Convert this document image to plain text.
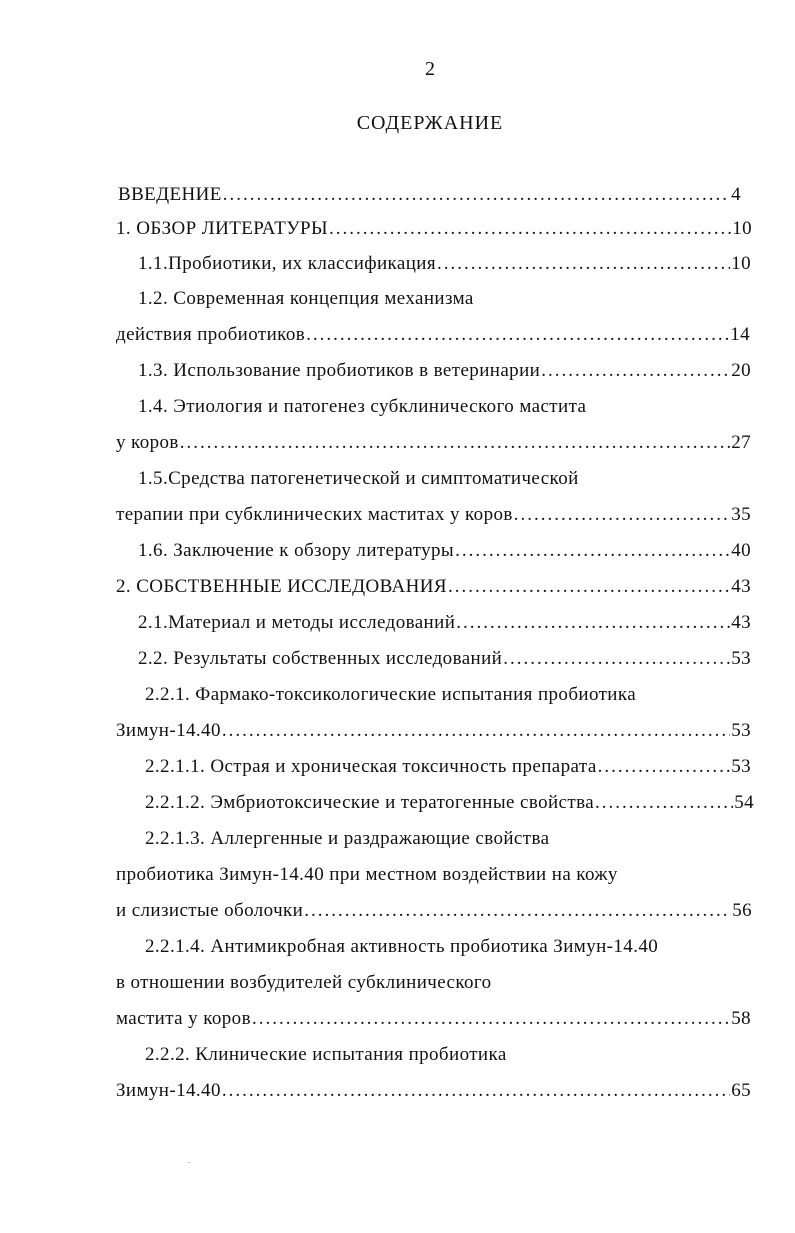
2
СОДЕРЖАНИЕ
ВВЕДЕНИЕ .....	4
1. ОБЗОР ЛИТЕРАТУРЫ .....	10
1.1.Пробиотики, их классификация .....	10
1.2. Современная концепция механизма
действия пробиотиков .....	14
1.3. Использование пробиотиков в ветеринарии .....	20
1.4. Этиология и патогенез субклинического мастита
у коров .....	27
1.5.Средства патогенетической и симптоматической
терапии при субклинических маститах у коров .....	35
1.6. Заключение к обзору литературы .....	40
2. СОБСТВЕННЫЕ ИССЛЕДОВАНИЯ .....	43
2.1.Материал и методы исследований .....	43
2.2. Результаты собственных исследований .....	53
2.2.1. Фармако-токсикологические испытания пробиотика
Зимун-14.40 .....	53
2.2.1.1. Острая и хроническая токсичность препарата .....	53
2.2.1.2. Эмбриотоксические и тератогенные свойства .....	54
2.2.1.3. Аллергенные и раздражающие свойства
пробиотика Зимун-14.40 при местном воздействии на кожу
и слизистые оболочки .....	56
2.2.1.4. Антимикробная активность пробиотика Зимун-14.40
в отношении возбудителей субклинического
мастита у коров .....	58
2.2.2. Клинические испытания пробиотика
Зимун-14.40 .....	65
